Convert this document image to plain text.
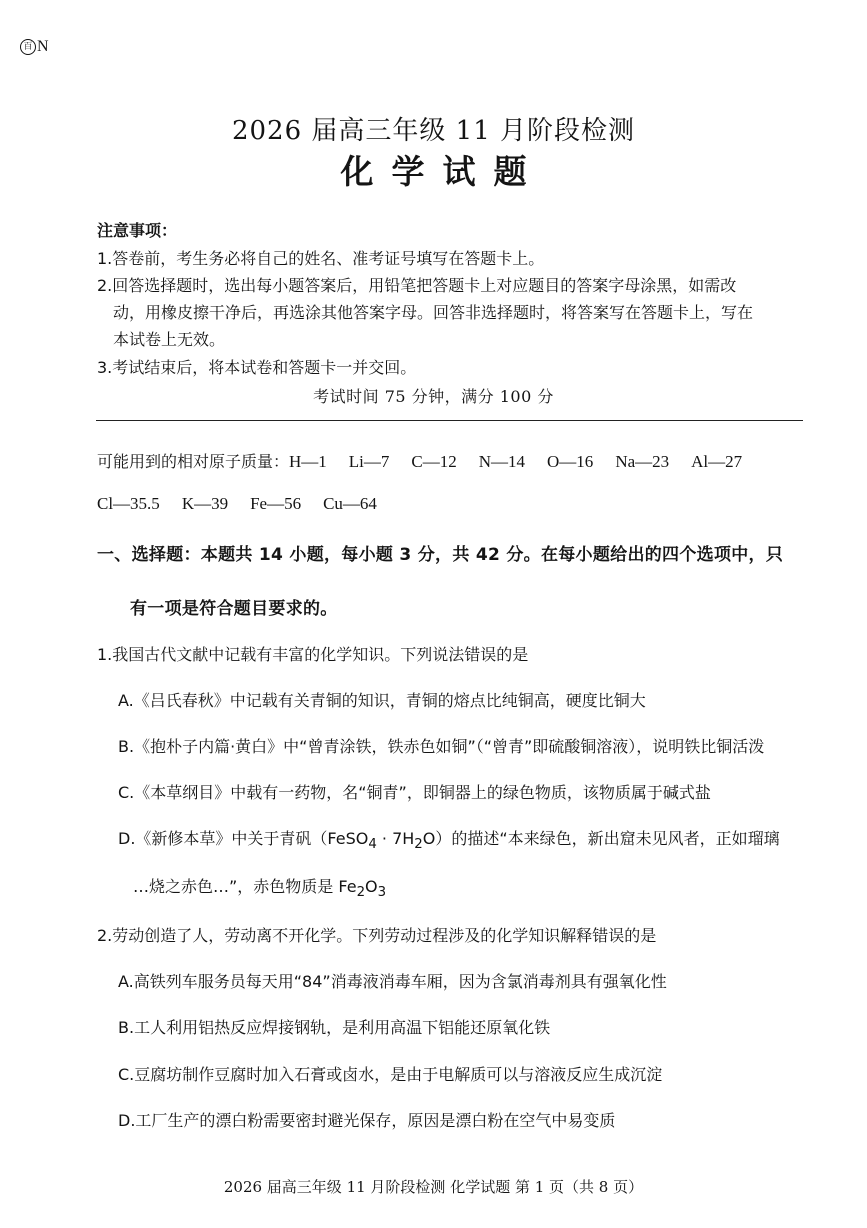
百 N
2026 届高三年级 11 月阶段检测
化学试题
注意事项：
1.答卷前，考生务必将自己的姓名、准考证号填写在答题卡上。
2.回答选择题时，选出每小题答案后，用铅笔把答题卡上对应题目的答案字母涂黑，如需改
动，用橡皮擦干净后，再选涂其他答案字母。回答非选择题时，将答案写在答题卡上，写在
本试卷上无效。
3.考试结束后，将本试卷和答题卡一并交回。
考试时间 75 分钟，满分 100 分
可能用到的相对原子质量：H—1 Li—7 C—12 N—14 O—16 Na—23 Al—27
Cl—35.5 K—39 Fe—56 Cu—64
一、选择题：本题共 14 小题，每小题 3 分，共 42 分。在每小题给出的四个选项中，只
有一项是符合题目要求的。
1.我国古代文献中记载有丰富的化学知识。下列说法错误的是
A.《吕氏春秋》中记载有关青铜的知识，青铜的熔点比纯铜高，硬度比铜大
B.《抱朴子内篇·黄白》中“曾青涂铁，铁赤色如铜”（“曾青”即硫酸铜溶液），说明铁比铜活泼
C.《本草纲目》中载有一药物，名“铜青”，即铜器上的绿色物质，该物质属于碱式盐
D.《新修本草》中关于青矾（FeSO$_4$ · $7H_2O$）的描述“本来绿色，新出窟未见风者，正如瑠璃
…烧之赤色…”，赤色物质是 $Fe_2O_3$
2.劳动创造了人，劳动离不开化学。下列劳动过程涉及的化学知识解释错误的是
A.高铁列车服务员每天用“84”消毒液消毒车厢，因为含氯消毒剂具有强氧化性
B.工人利用铝热反应焊接钢轨，是利用高温下铝能还原氧化铁
C.豆腐坊制作豆腐时加入石膏或卤水，是由于电解质可以与溶液反应生成沉淀
D.工厂生产的漂白粉需要密封避光保存，原因是漂白粉在空气中易变质
2026 届高三年级 11 月阶段检测 化学试题 第 1 页（共 8 页）
